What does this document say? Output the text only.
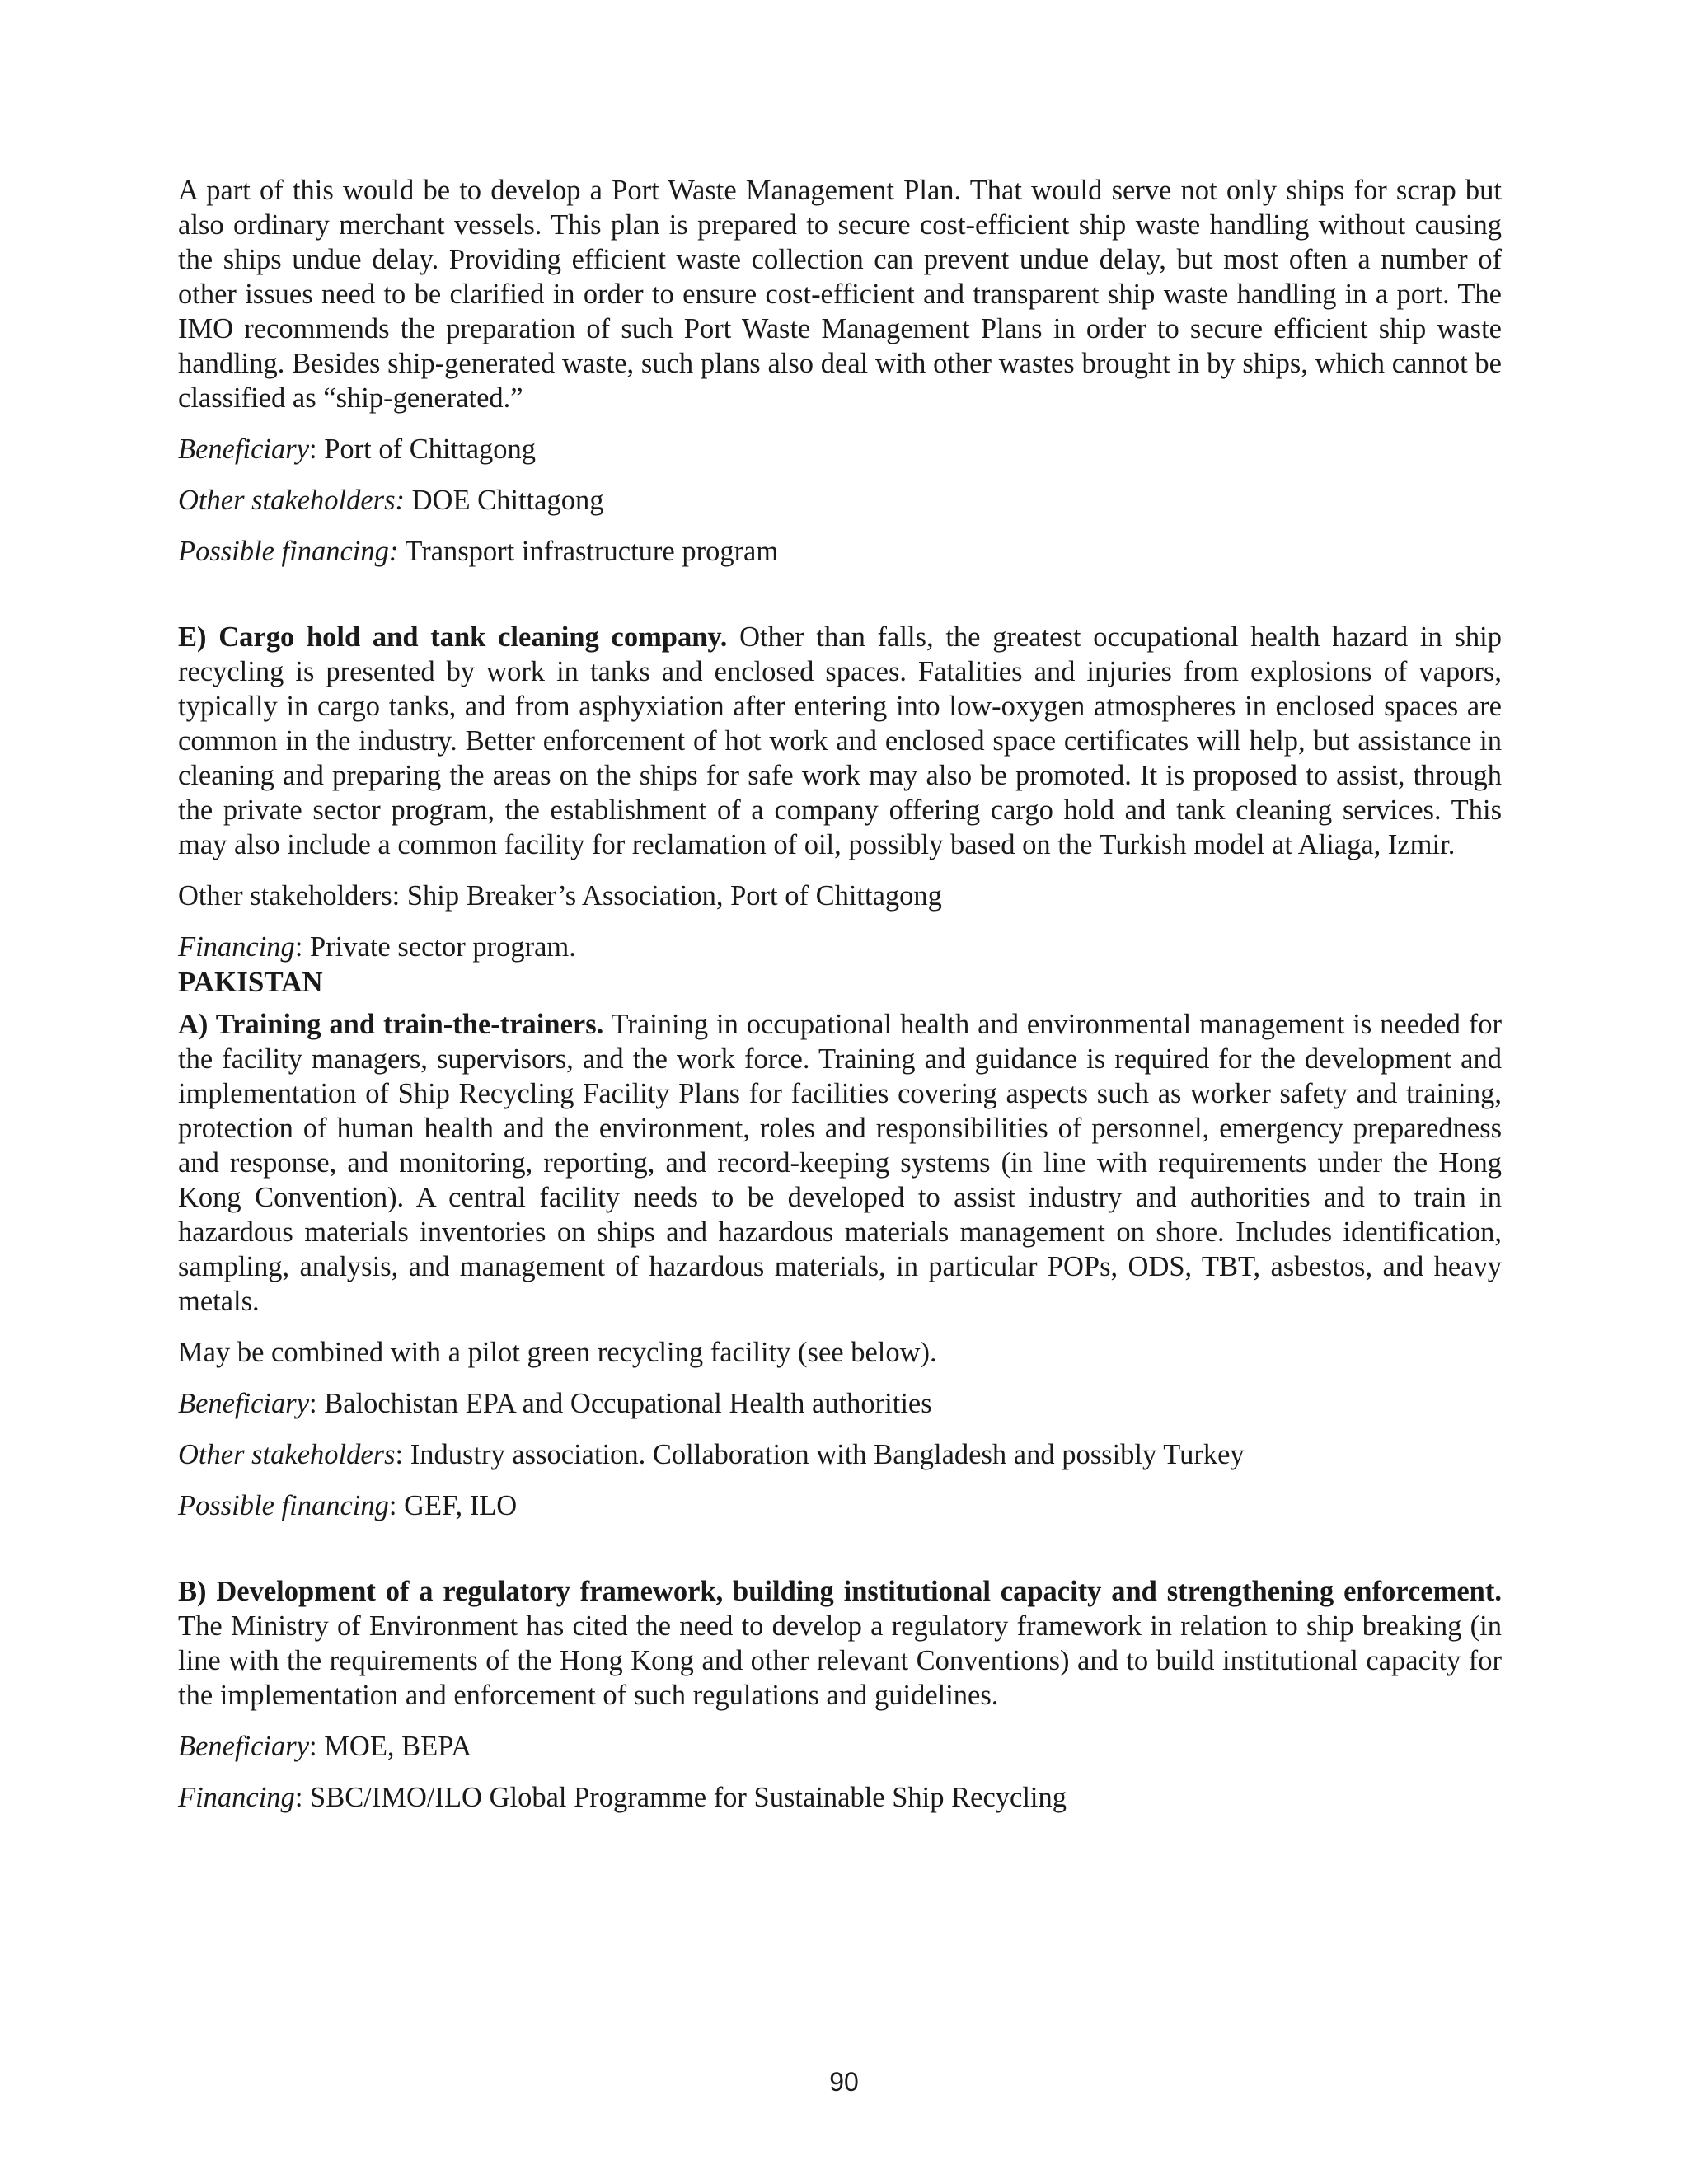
A part of this would be to develop a Port Waste Management Plan. That would serve not only ships for scrap but also ordinary merchant vessels. This plan is prepared to secure cost-efficient ship waste handling without causing the ships undue delay. Providing efficient waste collection can prevent undue delay, but most often a number of other issues need to be clarified in order to ensure cost-efficient and transparent ship waste handling in a port. The IMO recommends the preparation of such Port Waste Management Plans in order to secure efficient ship waste handling. Besides ship-generated waste, such plans also deal with other wastes brought in by ships, which cannot be classified as “ship-generated.”

Beneficiary: Port of Chittagong

Other stakeholders: DOE Chittagong

Possible financing: Transport infrastructure program

E) Cargo hold and tank cleaning company. Other than falls, the greatest occupational health hazard in ship recycling is presented by work in tanks and enclosed spaces. Fatalities and injuries from explosions of vapors, typically in cargo tanks, and from asphyxiation after entering into low-oxygen atmospheres in enclosed spaces are common in the industry. Better enforcement of hot work and enclosed space certificates will help, but assistance in cleaning and preparing the areas on the ships for safe work may also be promoted. It is proposed to assist, through the private sector program, the establishment of a company offering cargo hold and tank cleaning services. This may also include a common facility for reclamation of oil, possibly based on the Turkish model at Aliaga, Izmir.

Other stakeholders: Ship Breaker’s Association, Port of Chittagong

Financing: Private sector program.

PAKISTAN

A) Training and train-the-trainers. Training in occupational health and environmental management is needed for the facility managers, supervisors, and the work force. Training and guidance is required for the development and implementation of Ship Recycling Facility Plans for facilities covering aspects such as worker safety and training, protection of human health and the environment, roles and responsibilities of personnel, emergency preparedness and response, and monitoring, reporting, and record-keeping systems (in line with requirements under the Hong Kong Convention). A central facility needs to be developed to assist industry and authorities and to train in hazardous materials inventories on ships and hazardous materials management on shore. Includes identification, sampling, analysis, and management of hazardous materials, in particular POPs, ODS, TBT, asbestos, and heavy metals.

May be combined with a pilot green recycling facility (see below).

Beneficiary: Balochistan EPA and Occupational Health authorities

Other stakeholders: Industry association. Collaboration with Bangladesh and possibly Turkey

Possible financing: GEF, ILO

B) Development of a regulatory framework, building institutional capacity and strengthening enforcement. The Ministry of Environment has cited the need to develop a regulatory framework in relation to ship breaking (in line with the requirements of the Hong Kong and other relevant Conventions) and to build institutional capacity for the implementation and enforcement of such regulations and guidelines.

Beneficiary: MOE, BEPA

Financing: SBC/IMO/ILO Global Programme for Sustainable Ship Recycling

90
